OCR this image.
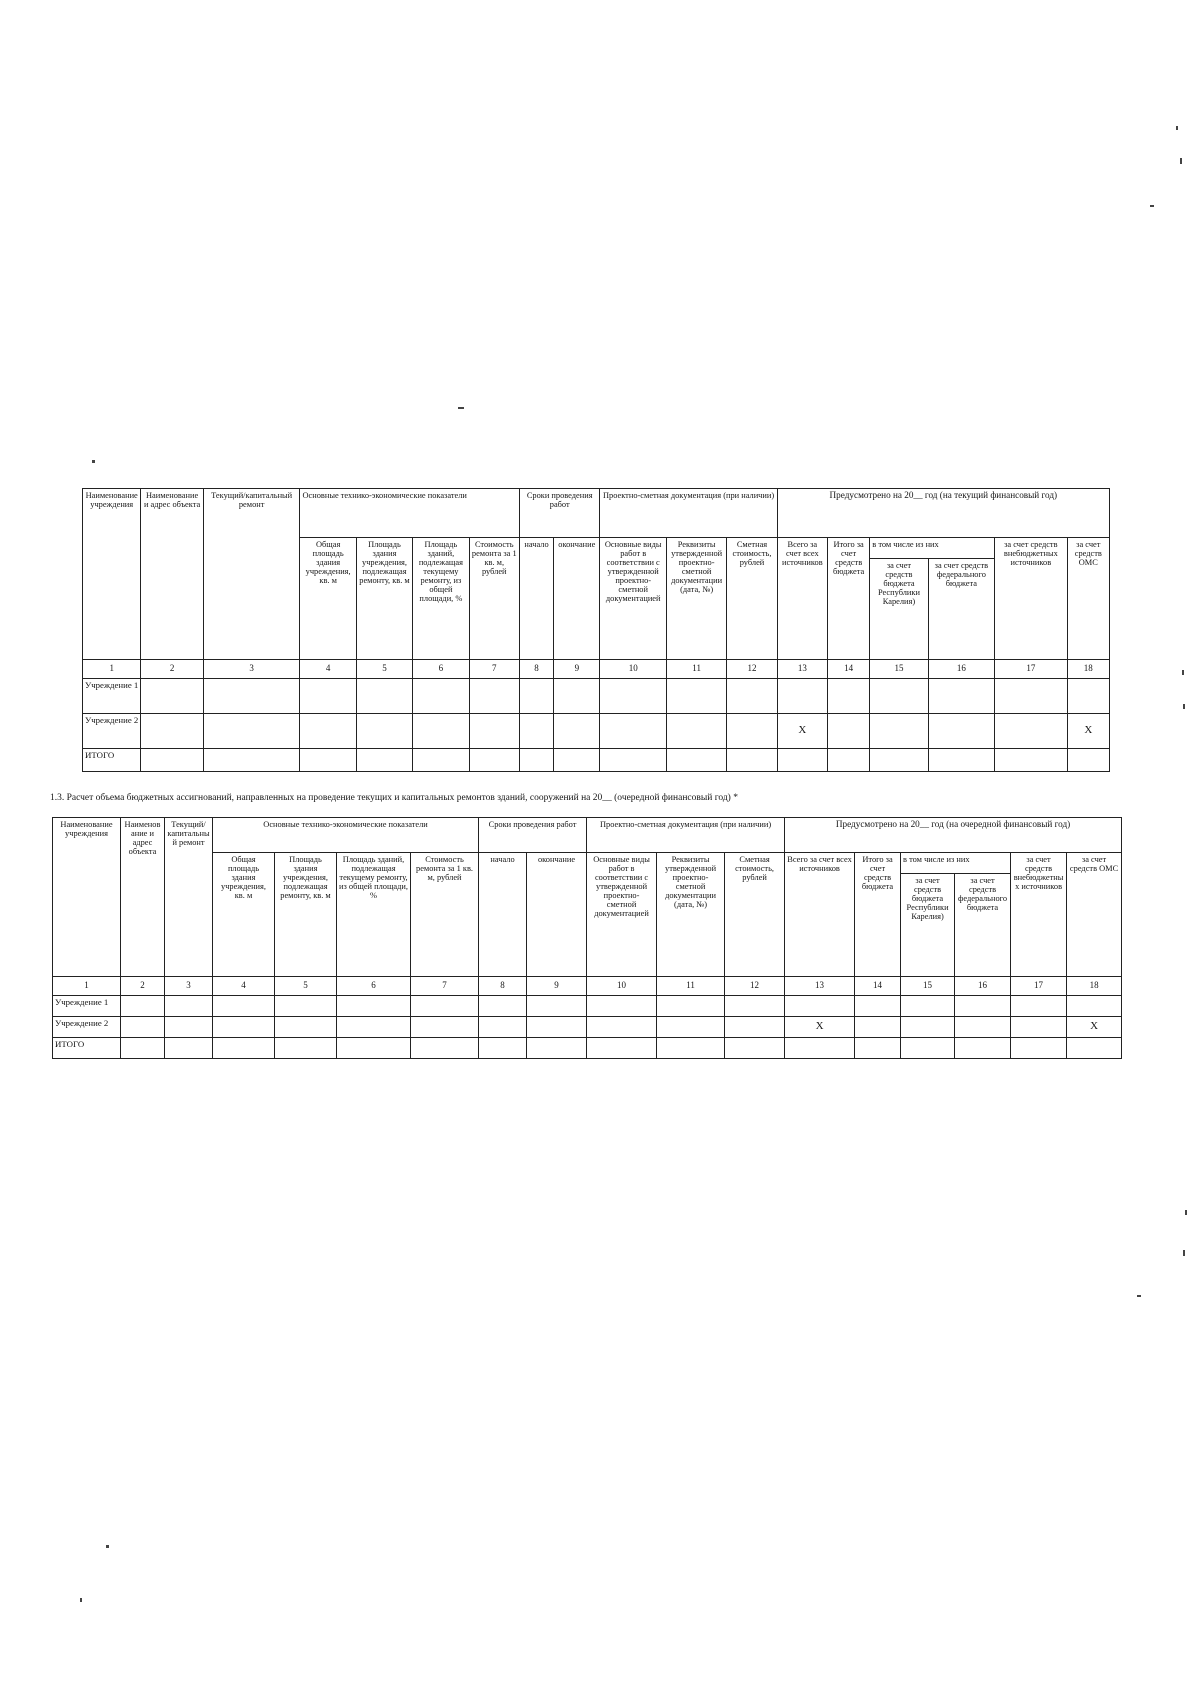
Наименование учреждения	Наименование и адрес объекта	Текущий/капитальный ремонт	Основные технико-экономические показатели				Сроки проведения работ		Проектно-сметная документация (при наличии)			Предусмотрено на 20__ год (на текущий финансовый год)					
			Общая площадь здания учреждения, кв. м	Площадь здания учреждения, подлежащая ремонту, кв. м	Площадь зданий, подлежащая текущему ремонту, из общей площади, %	Стоимость ремонта за 1 кв. м, рублей	начало	окончание	Основные виды работ в соответствии с утвержденной проектно-сметной документацией	Реквизиты утвержденной проектно-сметной документации (дата, №)	Сметная стоимость, рублей	Всего за счет всех источников	Итого за счет средств бюджета	в том числе из них		за счет средств внебюджетных источников	за счет средств ОМС
														за счет средств бюджета Республики Карелия)	за счет средств федерального бюджета		
1	2	3	4	5	6	7	8	9	10	11	12	13	14	15	16	17	18
Учреждение 1																	
Учреждение 2												Х					Х
ИТОГО																	
1.3. Расчет объема бюджетных ассигнований, направленных на проведение текущих и капитальных ремонтов зданий, сооружений на 20__ (очередной финансовый год) *
Наименование учреждения	Наименование и адрес объекта	Текущий/капитальный ремонт	Основные технико-экономические показатели				Сроки проведения работ		Проектно-сметная документация (при наличии)			Предусмотрено на 20__ год (на очередной финансовый год)					
			Общая площадь здания учреждения, кв. м	Площадь здания учреждения, подлежащая ремонту, кв. м	Площадь зданий, подлежащая текущему ремонту, из общей площади, %	Стоимость ремонта за 1 кв. м, рублей	начало	окончание	Основные виды работ в соответствии с утвержденной проектно-сметной документацией	Реквизиты утвержденной проектно-сметной документации (дата, №)	Сметная стоимость, рублей	Всего за счет всех источников	Итого за счет средств бюджета	в том числе из них		за счет средств внебюджетных источников	за счет средств ОМС
														за счет средств бюджета Республики Карелия)	за счет средств федерального бюджета		
1	2	3	4	5	6	7	8	9	10	11	12	13	14	15	16	17	18
Учреждение 1																	
Учреждение 2												Х					Х
ИТОГО																	
